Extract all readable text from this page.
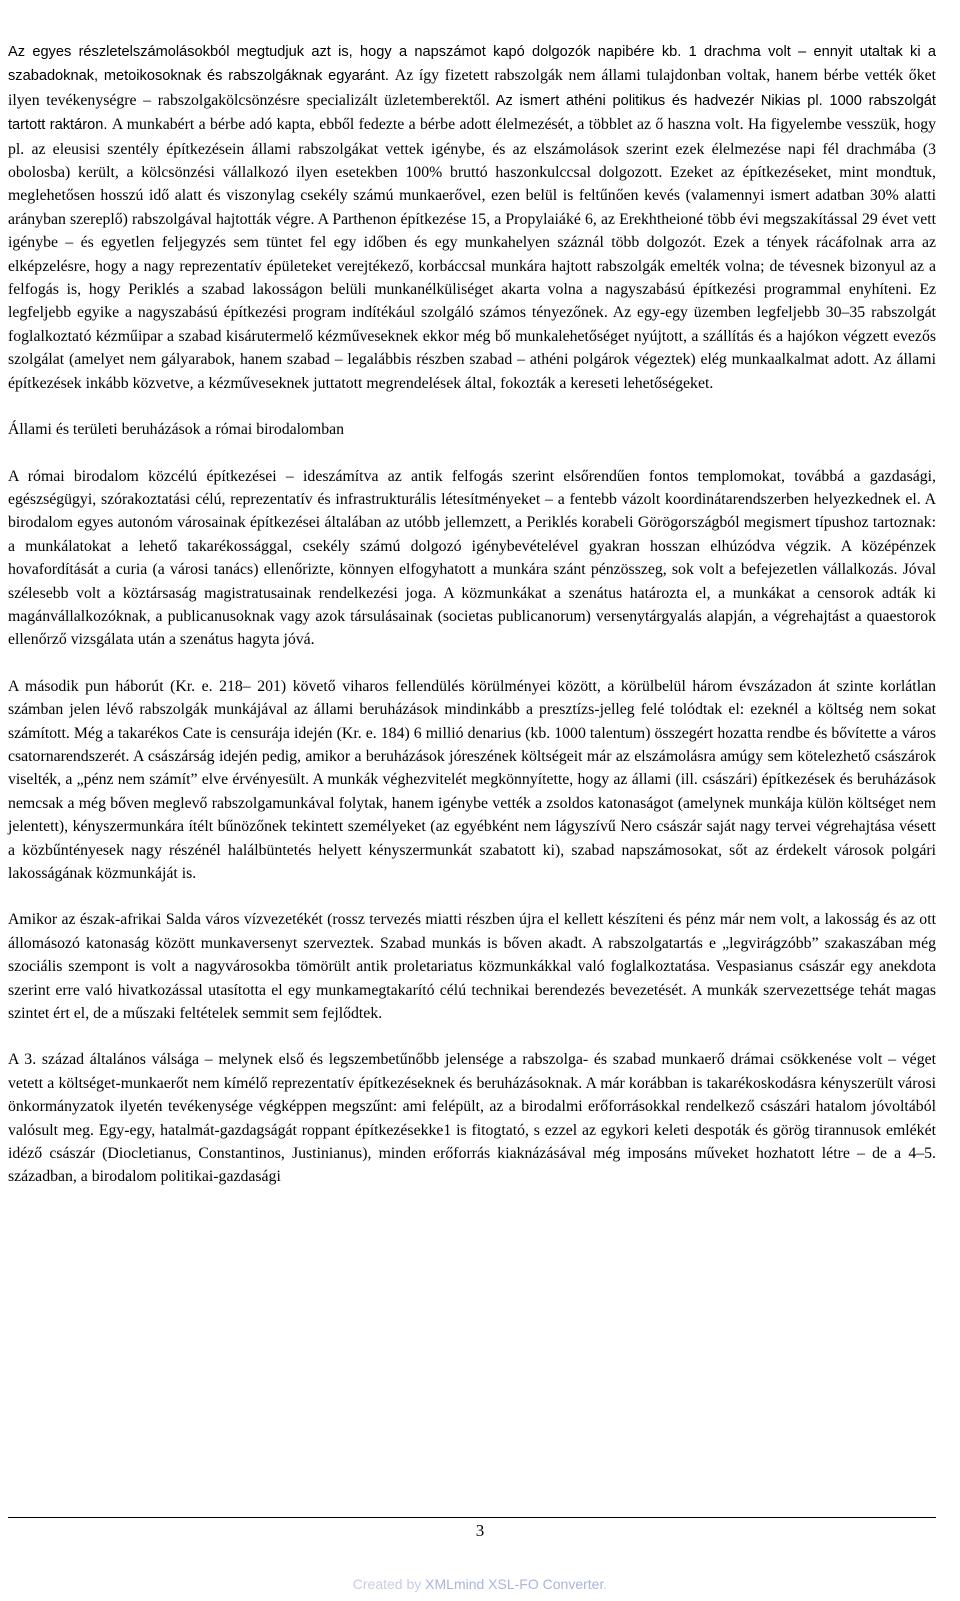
Az egyes részletelszámolásokból megtudjuk azt is, hogy a napszámot kapó dolgozók napibére kb. 1 drachma volt – ennyit utaltak ki a szabadoknak, metoikosoknak és rabszolgáknak egyaránt. Az így fizetett rabszolgák nem állami tulajdonban voltak, hanem bérbe vették őket ilyen tevékenységre – rabszolgakölcsönzésre specializált üzletemberektől. Az ismert athéni politikus és hadvezér Nikias pl. 1000 rabszolgát tartott raktáron. A munkabért a bérbe adó kapta, ebből fedezte a bérbe adott élelmezését, a többlet az ő haszna volt. Ha figyelembe vesszük, hogy pl. az eleusisi szentély építkezésein állami rabszolgákat vettek igénybe, és az elszámolások szerint ezek élelmezése napi fél drachmába (3 obolosba) került, a kölcsönzési vállalkozó ilyen esetekben 100% bruttó haszonkulccsal dolgozott. Ezeket az építkezéseket, mint mondtuk, meglehetősen hosszú idő alatt és viszonylag csekély számú munkaerővel, ezen belül is feltűnően kevés (valamennyi ismert adatban 30% alatti arányban szereplő) rabszolgával hajtották végre. A Parthenon építkezése 15, a Propylaiáké 6, az Erekhtheioné több évi megszakítással 29 évet vett igénybe – és egyetlen feljegyzés sem tüntet fel egy időben és egy munkahelyen száznál több dolgozót. Ezek a tények rácáfolnak arra az elképzelésre, hogy a nagy reprezentatív épületeket verejtékező, korbáccsal munkára hajtott rabszolgák emelték volna; de tévesnek bizonyul az a felfogás is, hogy Periklés a szabad lakosságon belüli munkanélküliséget akarta volna a nagyszabású építkezési programmal enyhíteni. Ez legfeljebb egyike a nagyszabású építkezési program indítékául szolgáló számos tényezőnek. Az egy-egy üzemben legfeljebb 30–35 rabszolgát foglalkoztató kézműipar a szabad kisárutermelő kézműveseknek ekkor még bő munkalehetőséget nyújtott, a szállítás és a hajókon végzett evezős szolgálat (amelyet nem gályarabok, hanem szabad – legalábbis részben szabad – athéni polgárok végeztek) elég munkaalkalmat adott. Az állami építkezések inkább közvetve, a kézműveseknek juttatott megrendelések által, fokozták a kereseti lehetőségeket.

Állami és területi beruházások a római birodalomban

A római birodalom közcélú építkezései – ideszámítva az antik felfogás szerint elsőrendűen fontos templomokat, továbbá a gazdasági, egészségügyi, szórakoztatási célú, reprezentatív és infrastrukturális létesítményeket – a fentebb vázolt koordinátarendszerben helyezkednek el. A birodalom egyes autonóm városainak építkezései általában az utóbb jellemzett, a Periklés korabeli Görögországból megismert típushoz tartoznak: a munkálatokat a lehető takarékossággal, csekély számú dolgozó igénybevételével gyakran hosszan elhúzódva végzik. A középénzek hovafordítását a curia (a városi tanács) ellenőrizte, könnyen elfogyhatott a munkára szánt pénzösszeg, sok volt a befejezetlen vállalkozás. Jóval szélesebb volt a köztársaság magistratusainak rendelkezési joga. A közmunkákat a szenátus határozta el, a munkákat a censorok adták ki magánvállalkozóknak, a publicanusoknak vagy azok társulásainak (societas publicanorum) versenytárgyalás alapján, a végrehajtást a quaestorok ellenőrző vizsgálata után a szenátus hagyta jóvá.

A második pun háborút (Kr. e. 218– 201) követő viharos fellendülés körülményei között, a körülbelül három évszázadon át szinte korlátlan számban jelen lévő rabszolgák munkájával az állami beruházások mindinkább a presztízs-jelleg felé tolódtak el: ezeknél a költség nem sokat számított. Még a takarékos Cate is censurája idején (Kr. e. 184) 6 millió denarius (kb. 1000 talentum) összegért hozatta rendbe és bővítette a város csatornarendszerét. A császárság idején pedig, amikor a beruházások jóreszének költségeit már az elszámolásra amúgy sem kötelezhető császárok viselték, a „pénz nem számít” elve érvényesült. A munkák véghezvitelét megkönnyítette, hogy az állami (ill. császári) építkezések és beruházások nemcsak a még bőven meglevő rabszolgamunkával folytak, hanem igénybe vették a zsoldos katonaságot (amelynek munkája külön költséget nem jelentett), kényszermunkára ítélt bűnözőnek tekintett személyeket (az egyébként nem lágyszívű Nero császár saját nagy tervei végrehajtása vésett a közbűntényesek nagy részénél halálbüntetés helyett kényszermunkát szabatott ki), szabad napszámosokat, sőt az érdekelt városok polgári lakosságának közmunkáját is.

Amikor az észak-afrikai Salda város vízvezetékét (rossz tervezés miatti részben újra el kellett készíteni és pénz már nem volt, a lakosság és az ott állomásozó katonaság között munkaversenyt szerveztek. Szabad munkás is bőven akadt. A rabszolgatartás e „legvirágzóbb” szakaszában még szociális szempont is volt a nagyvárosokba tömörült antik proletariatus közmunkákkal való foglalkoztatása. Vespasianus császár egy anekdota szerint erre való hivatkozással utasította el egy munkamegtakarító célú technikai berendezés bevezetését. A munkák szervezettsége tehát magas szintet ért el, de a műszaki feltételek semmit sem fejlődtek.

A 3. század általános válsága – melynek első és legszembetűnőbb jelensége a rabszolga- és szabad munkaerő drámai csökkenése volt – véget vetett a költséget-munkaerőt nem kímélő reprezentatív építkezéseknek és beruházásoknak. A már korábban is takarékoskodásra kényszerült városi önkormányzatok ilyetén tevékenysége végképpen megszűnt: ami felépült, az a birodalmi erőforrásokkal rendelkező császári hatalom jóvoltából valósult meg. Egy-egy, hatalmát-gazdagságát roppant építkezésekke1 is fitogtató, s ezzel az egykori keleti despoták és görög tirannusok emlékét idéző császár (Diocletianus, Constantinos, Justinianus), minden erőforrás kiaknázásával még imposáns műveket hozhatott létre – de a 4–5. században, a birodalom politikai-gazdasági

3
Created by XMLmind XSL-FO Converter.
